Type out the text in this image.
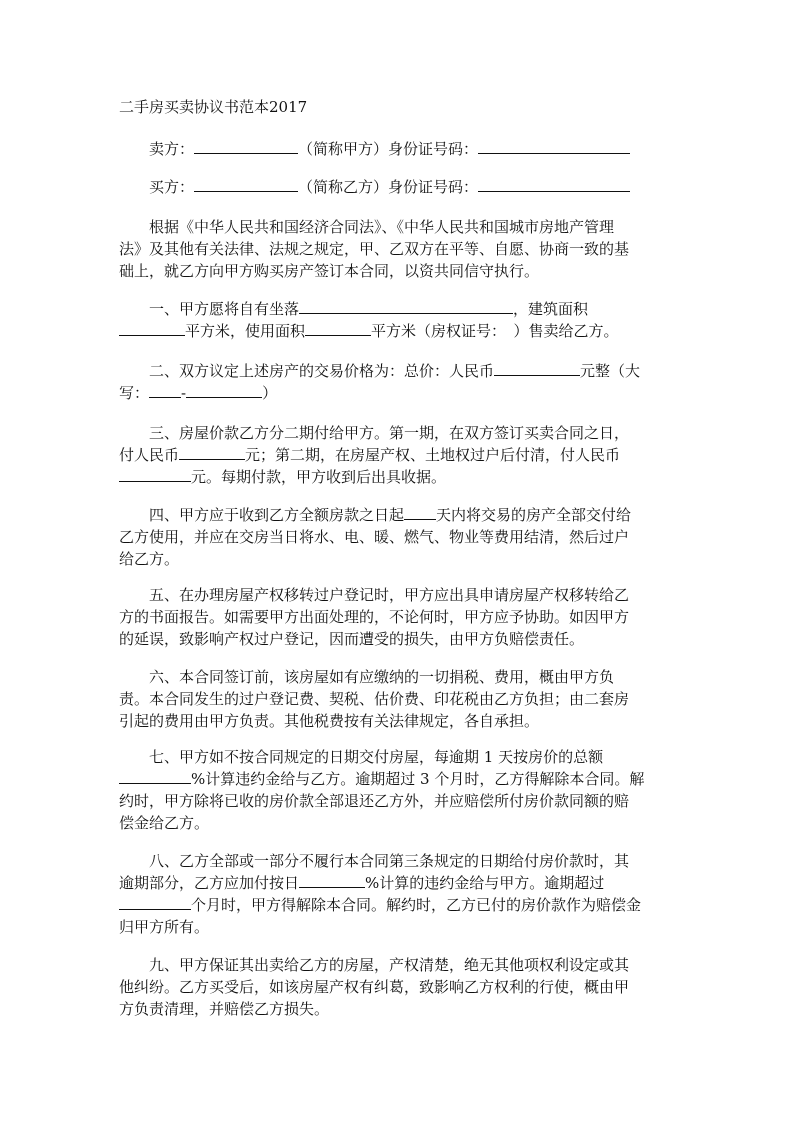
二手房买卖协议书范本2017
卖方：	（简称甲方）身份证号码：
买方：	（简称乙方）身份证号码：
根据《中华人民共和国经济合同法》、《中华人民共和国城市房地产管理
法》及其他有关法律、法规之规定，甲、乙双方在平等、自愿、协商一致的基
础上，就乙方向甲方购买房产签订本合同，以资共同信守执行。
一、甲方愿将自有坐落	，建筑面积
平方米，使用面积	平方米（房权证号：　）售卖给乙方。
二、双方议定上述房产的交易价格为：总价：人民币	元整（大
写： -	）
三、房屋价款乙方分二期付给甲方。第一期，在双方签订买卖合同之日，
付人民币	元；第二期，在房屋产权、土地权过户后付清，付人民币
元。每期付款，甲方收到后出具收据。
四、甲方应于收到乙方全额房款之日起 天内将交易的房产全部交付给
乙方使用，并应在交房当日将水、电、暖、燃气、物业等费用结清，然后过户
给乙方。
五、在办理房屋产权移转过户登记时，甲方应出具申请房屋产权移转给乙
方的书面报告。如需要甲方出面处理的，不论何时，甲方应予协助。如因甲方
的延误，致影响产权过户登记，因而遭受的损失，由甲方负赔偿责任。
六、本合同签订前，该房屋如有应缴纳的一切捐税、费用，概由甲方负
责。本合同发生的过户登记费、契税、估价费、印花税由乙方负担；由二套房
引起的费用由甲方负责。其他税费按有关法律规定，各自承担。
七、甲方如不按合同规定的日期交付房屋，每逾期 1 天按房价的总额
%计算违约金给与乙方。逾期超过 3 个月时，乙方得解除本合同。解
约时，甲方除将已收的房价款全部退还乙方外，并应赔偿所付房价款同额的赔
偿金给乙方。
八、乙方全部或一部分不履行本合同第三条规定的日期给付房价款时，其
逾期部分，乙方应加付按日	%计算的违约金给与甲方。逾期超过
个月时，甲方得解除本合同。解约时，乙方已付的房价款作为赔偿金
归甲方所有。
九、甲方保证其出卖给乙方的房屋，产权清楚，绝无其他项权利设定或其
他纠纷。乙方买受后，如该房屋产权有纠葛，致影响乙方权利的行使，概由甲
方负责清理，并赔偿乙方损失。
